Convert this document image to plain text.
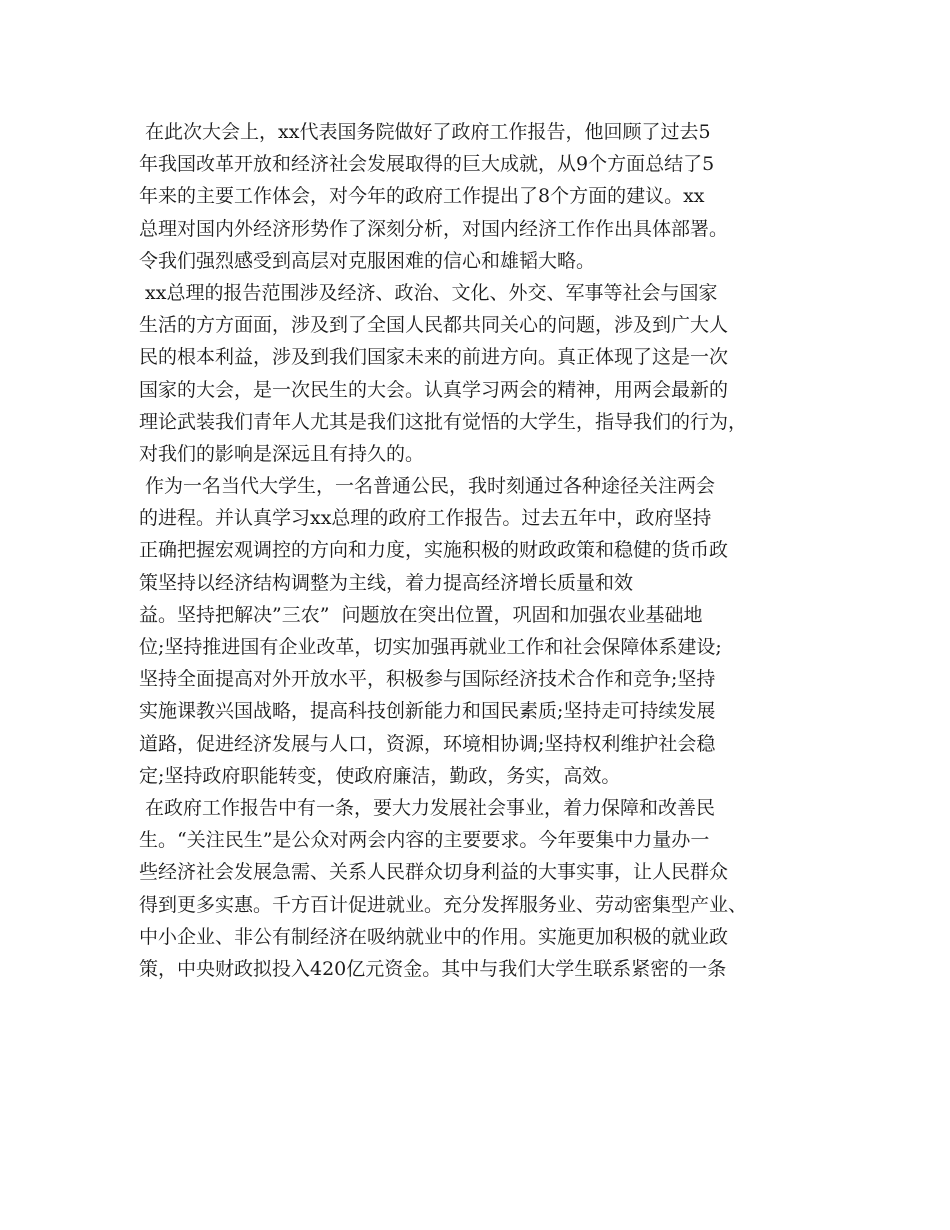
在此次大会上，xx代表国务院做好了政府工作报告，他回顾了过去5
年我国改革开放和经济社会发展取得的巨大成就，从9个方面总结了5
年来的主要工作体会，对今年的政府工作提出了8个方面的建议。xx
总理对国内外经济形势作了深刻分析，对国内经济工作作出具体部署。
令我们强烈感受到高层对克服困难的信心和雄韬大略。
xx总理的报告范围涉及经济、政治、文化、外交、军事等社会与国家
生活的方方面面，涉及到了全国人民都共同关心的问题，涉及到广大人
民的根本利益，涉及到我们国家未来的前进方向。真正体现了这是一次
国家的大会，是一次民生的大会。认真学习两会的精神，用两会最新的
理论武装我们青年人尤其是我们这批有觉悟的大学生，指导我们的行为，
对我们的影响是深远且有持久的。
作为一名当代大学生，一名普通公民，我时刻通过各种途径关注两会
的进程。并认真学习xx总理的政府工作报告。过去五年中，政府坚持
正确把握宏观调控的方向和力度，实施积极的财政政策和稳健的货币政
策坚持以经济结构调整为主线，着力提高经济增长质量和效
益。坚持把解决”三农”  问题放在突出位置，巩固和加强农业基础地
位;坚持推进国有企业改革，切实加强再就业工作和社会保障体系建设;
坚持全面提高对外开放水平，积极参与国际经济技术合作和竞争;坚持
实施课教兴国战略，提高科技创新能力和国民素质;坚持走可持续发展
道路，促进经济发展与人口，资源，环境相协调;坚持权利维护社会稳
定;坚持政府职能转变，使政府廉洁，勤政，务实，高效。
在政府工作报告中有一条，要大力发展社会事业，着力保障和改善民
生。“关注民生”是公众对两会内容的主要要求。今年要集中力量办一
些经济社会发展急需、关系人民群众切身利益的大事实事，让人民群众
得到更多实惠。千方百计促进就业。充分发挥服务业、劳动密集型产业、
中小企业、非公有制经济在吸纳就业中的作用。实施更加积极的就业政
策，中央财政拟投入420亿元资金。其中与我们大学生联系紧密的一条
